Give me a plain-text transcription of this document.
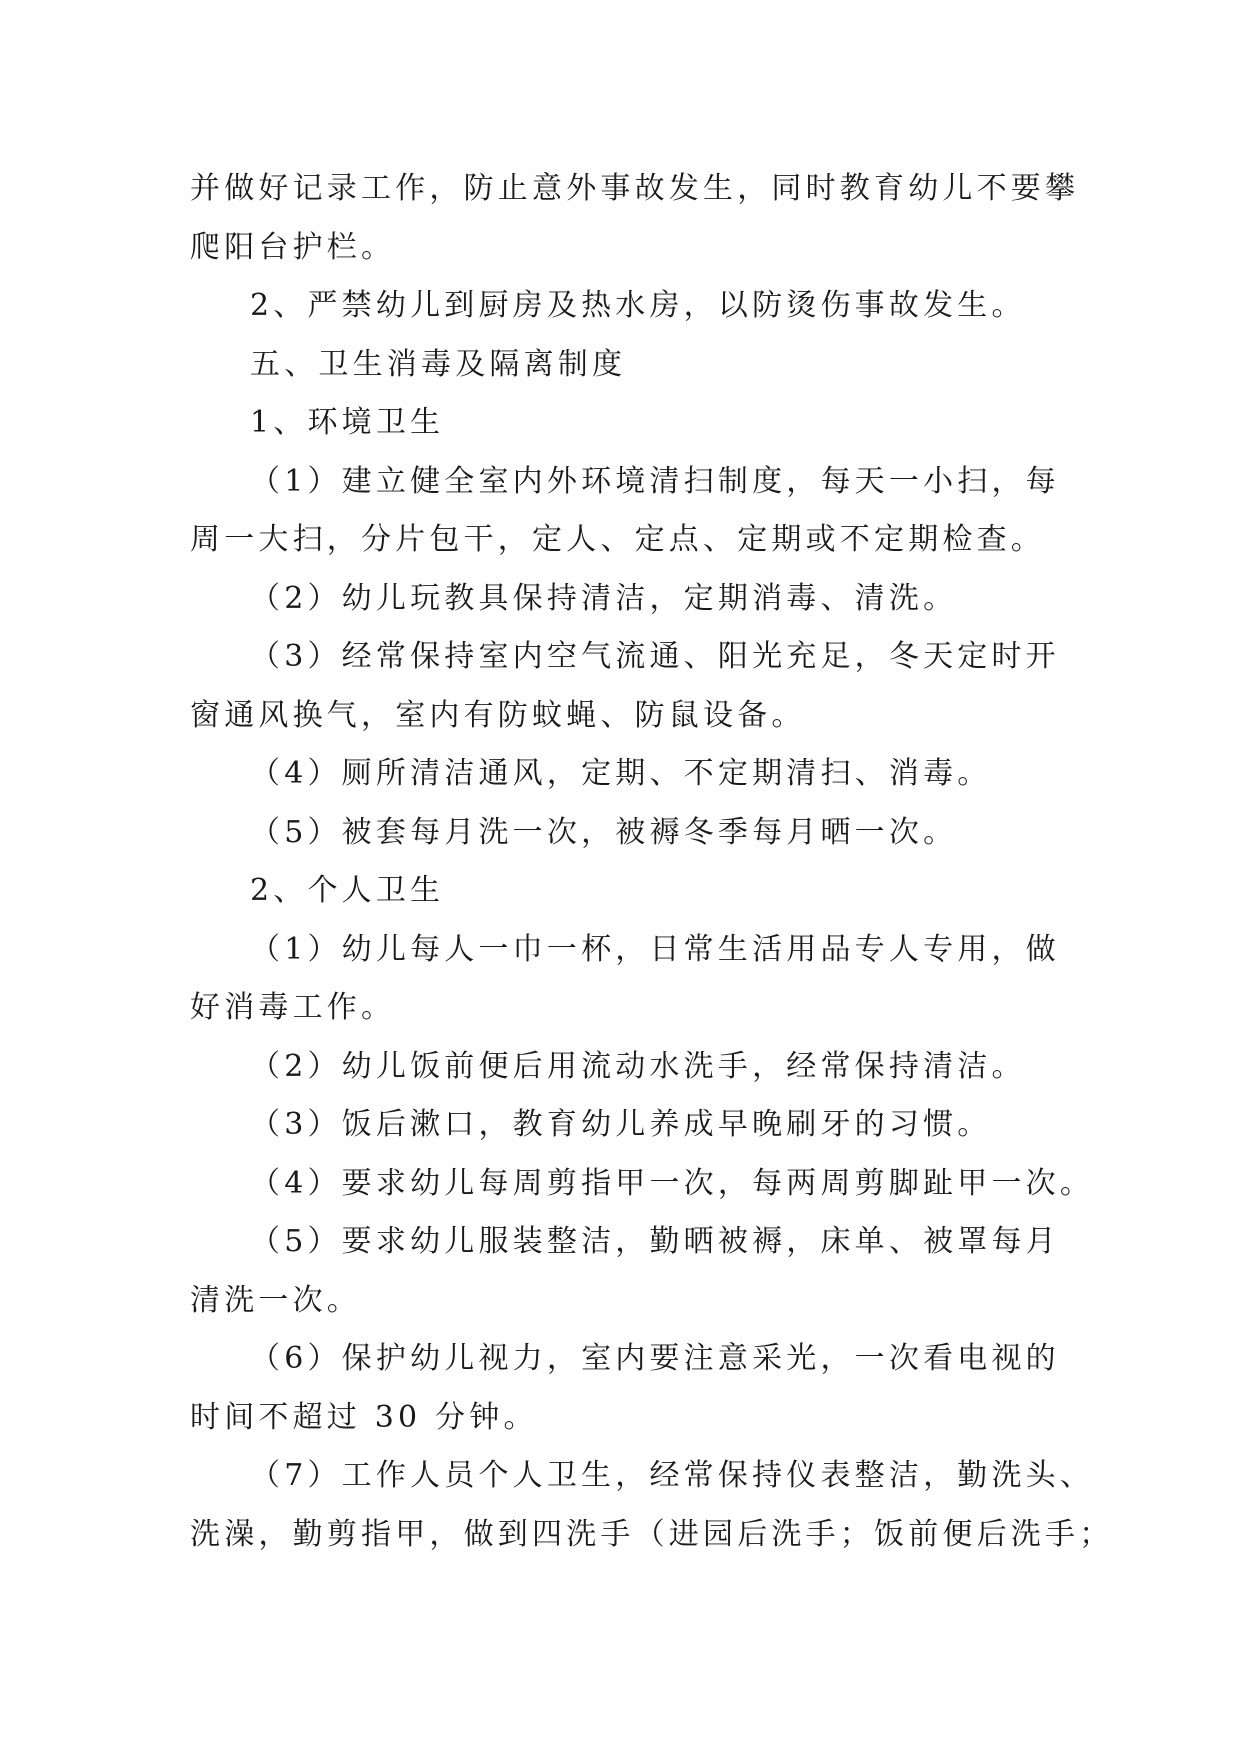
并做好记录工作，防止意外事故发生，同时教育幼儿不要攀
爬阳台护栏。
2、严禁幼儿到厨房及热水房，以防烫伤事故发生。
五、卫生消毒及隔离制度
1、环境卫生
（1）建立健全室内外环境清扫制度，每天一小扫，每
周一大扫，分片包干，定人、定点、定期或不定期检查。
（2）幼儿玩教具保持清洁，定期消毒、清洗。
（3）经常保持室内空气流通、阳光充足，冬天定时开
窗通风换气，室内有防蚊蝇、防鼠设备。
（4）厕所清洁通风，定期、不定期清扫、消毒。
（5）被套每月洗一次，被褥冬季每月晒一次。
2、个人卫生
（1）幼儿每人一巾一杯，日常生活用品专人专用，做
好消毒工作。
（2）幼儿饭前便后用流动水洗手，经常保持清洁。
（3）饭后漱口，教育幼儿养成早晚刷牙的习惯。
（4）要求幼儿每周剪指甲一次，每两周剪脚趾甲一次。
（5）要求幼儿服装整洁，勤晒被褥，床单、被罩每月
清洗一次。
（6）保护幼儿视力，室内要注意采光，一次看电视的
时间不超过 30 分钟。
（7）工作人员个人卫生，经常保持仪表整洁，勤洗头、
洗澡，勤剪指甲，做到四洗手（进园后洗手；饭前便后洗手；
